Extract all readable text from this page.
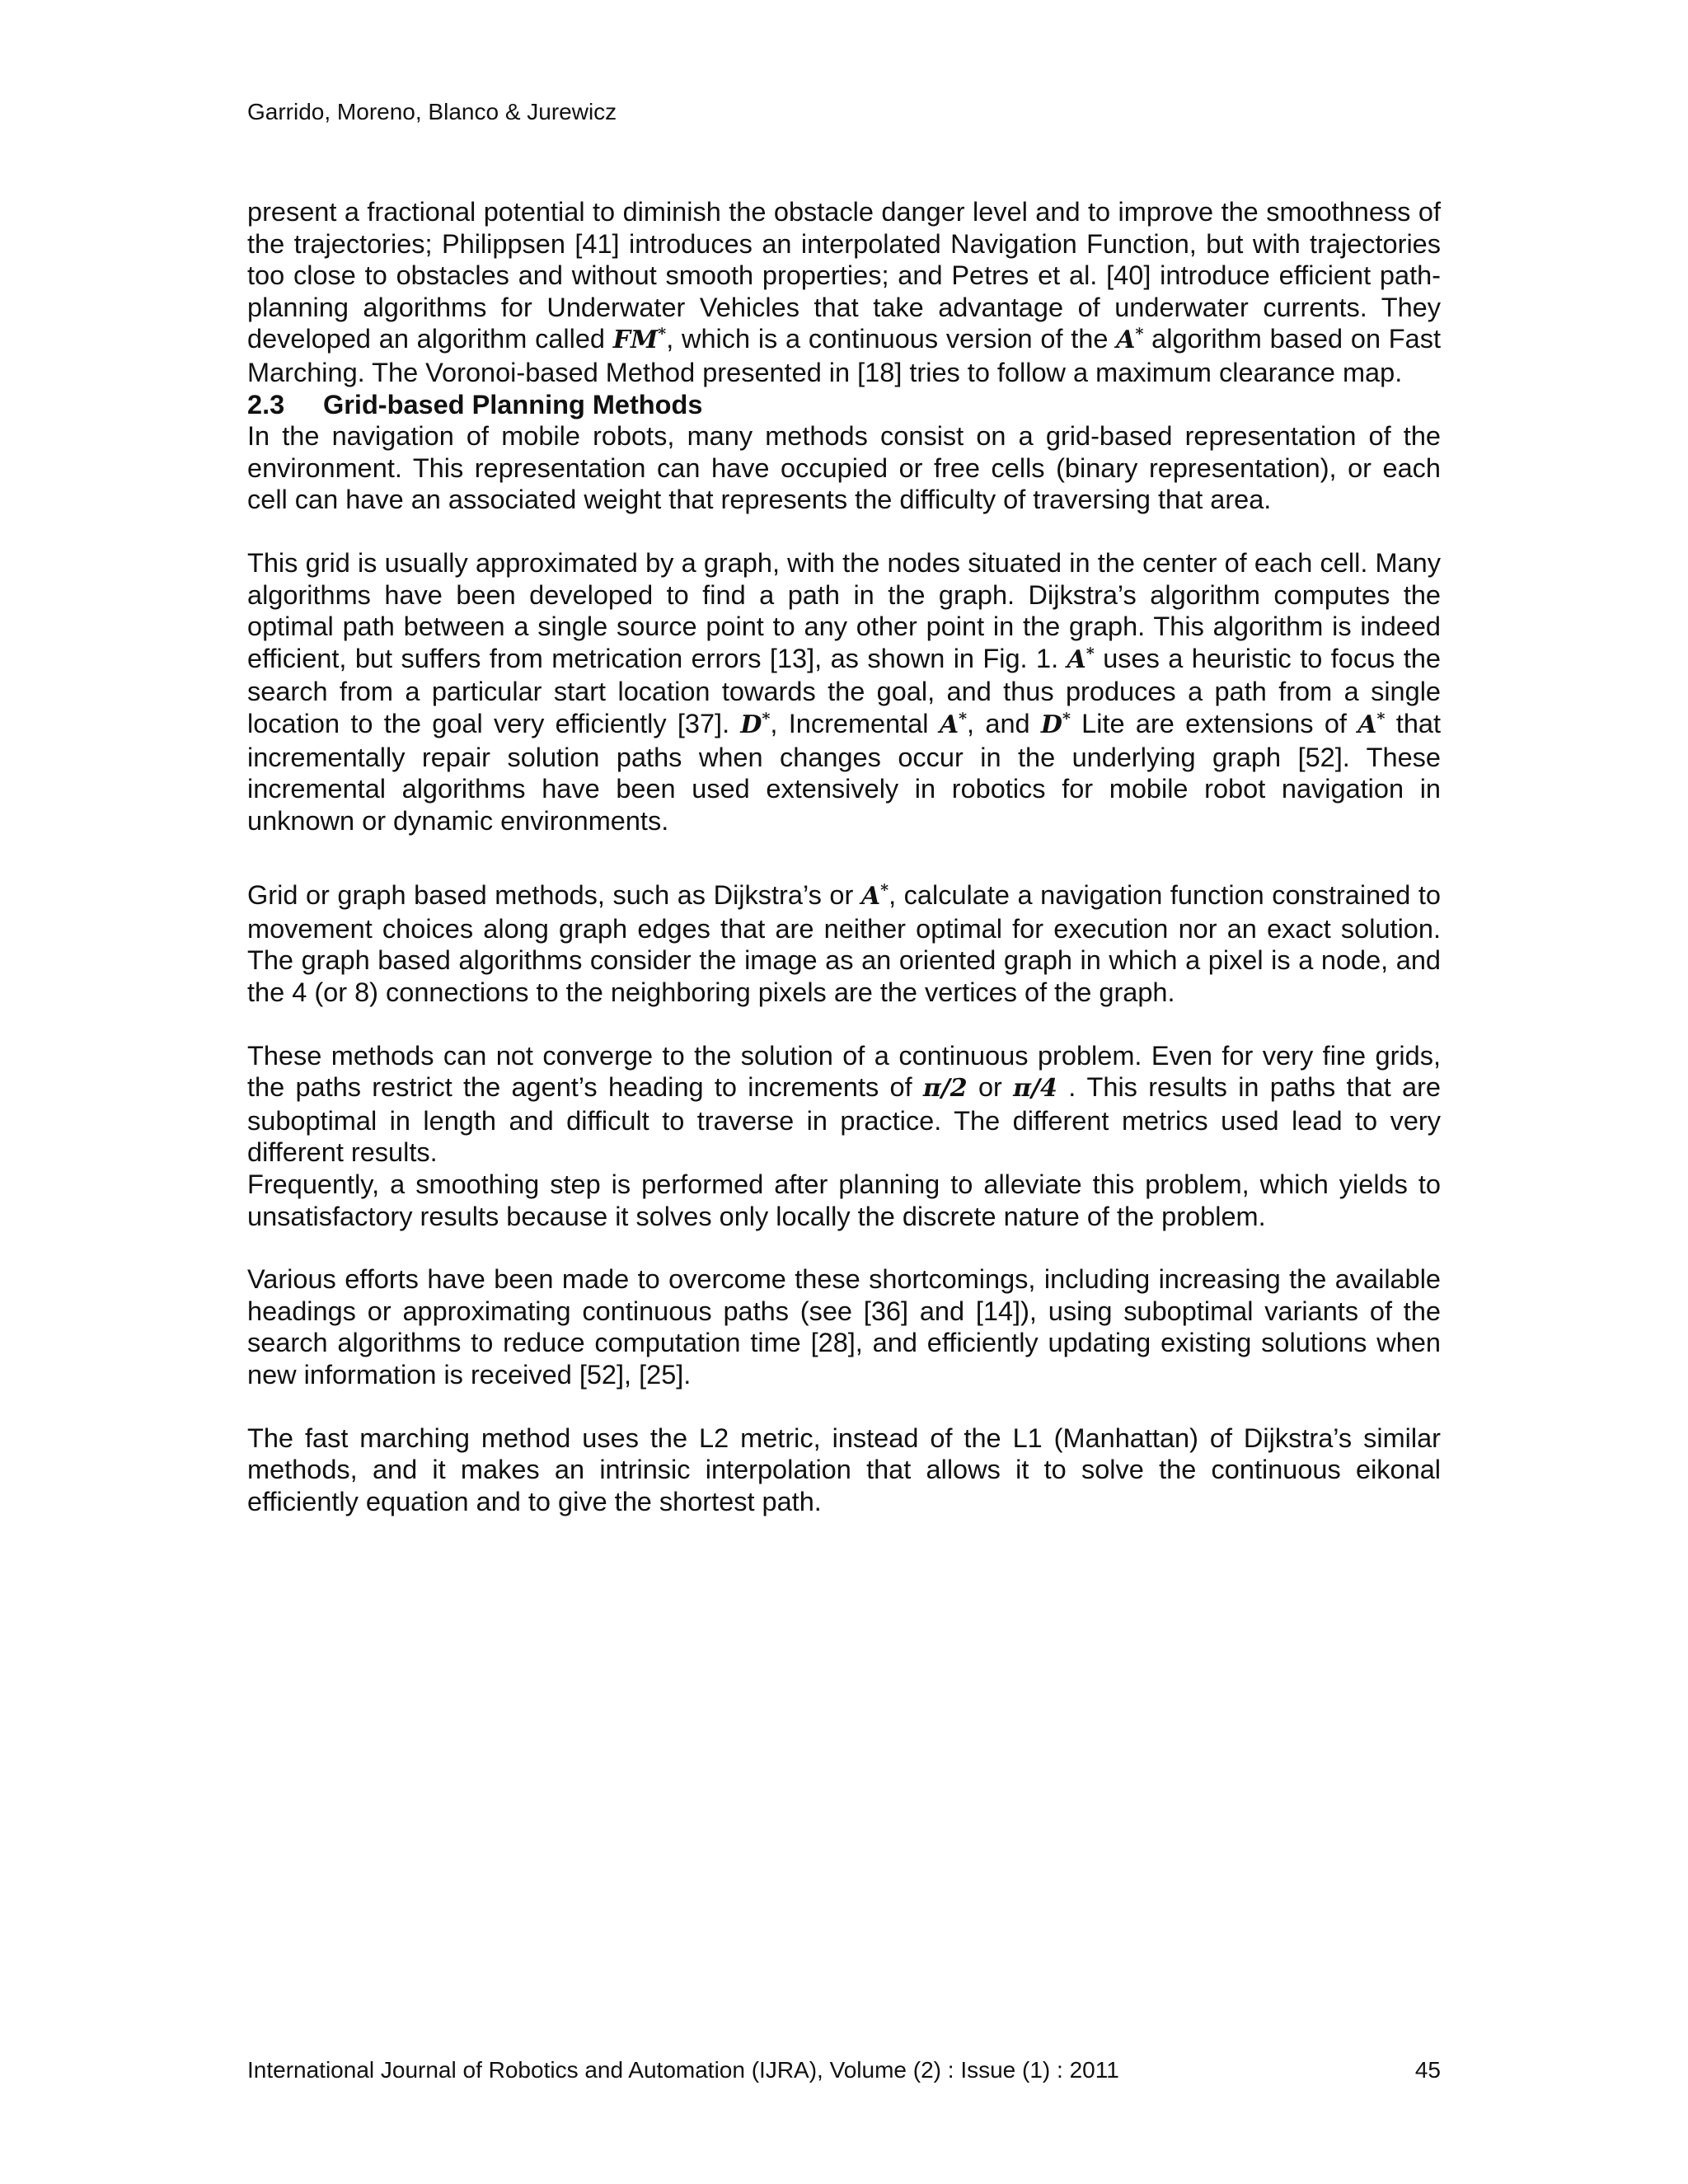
Garrido, Moreno, Blanco & Jurewicz

present a fractional potential to diminish the obstacle danger level and to improve the smoothness of the trajectories; Philippsen [41] introduces an interpolated Navigation Function, but with trajectories too close to obstacles and without smooth properties; and Petres et al. [40] introduce efficient path-planning algorithms for Underwater Vehicles that take advantage of underwater currents. They developed an algorithm called FM*, which is a continuous version of the A* algorithm based on Fast Marching. The Voronoi-based Method presented in [18] tries to follow a maximum clearance map.

2.3 Grid-based Planning Methods

In the navigation of mobile robots, many methods consist on a grid-based representation of the environment. This representation can have occupied or free cells (binary representation), or each cell can have an associated weight that represents the difficulty of traversing that area.

This grid is usually approximated by a graph, with the nodes situated in the center of each cell. Many algorithms have been developed to find a path in the graph. Dijkstra’s algorithm computes the optimal path between a single source point to any other point in the graph. This algorithm is indeed efficient, but suffers from metrication errors [13], as shown in Fig. 1. A* uses a heuristic to focus the search from a particular start location towards the goal, and thus produces a path from a single location to the goal very efficiently [37]. D*, Incremental A*, and D* Lite are extensions of A* that incrementally repair solution paths when changes occur in the underlying graph [52]. These incremental algorithms have been used extensively in robotics for mobile robot navigation in unknown or dynamic environments.

Grid or graph based methods, such as Dijkstra’s or A*, calculate a navigation function constrained to movement choices along graph edges that are neither optimal for execution nor an exact solution. The graph based algorithms consider the image as an oriented graph in which a pixel is a node, and the 4 (or 8) connections to the neighboring pixels are the vertices of the graph.

These methods can not converge to the solution of a continuous problem. Even for very fine grids, the paths restrict the agent’s heading to increments of π/2 or π/4 . This results in paths that are suboptimal in length and difficult to traverse in practice. The different metrics used lead to very different results.

Frequently, a smoothing step is performed after planning to alleviate this problem, which yields to unsatisfactory results because it solves only locally the discrete nature of the problem.

Various efforts have been made to overcome these shortcomings, including increasing the available headings or approximating continuous paths (see [36] and [14]), using suboptimal variants of the search algorithms to reduce computation time [28], and efficiently updating existing solutions when new information is received [52], [25].

The fast marching method uses the L2 metric, instead of the L1 (Manhattan) of Dijkstra’s similar methods, and it makes an intrinsic interpolation that allows it to solve the continuous eikonal efficiently equation and to give the shortest path.

International Journal of Robotics and Automation (IJRA), Volume (2) : Issue (1) : 2011	45
